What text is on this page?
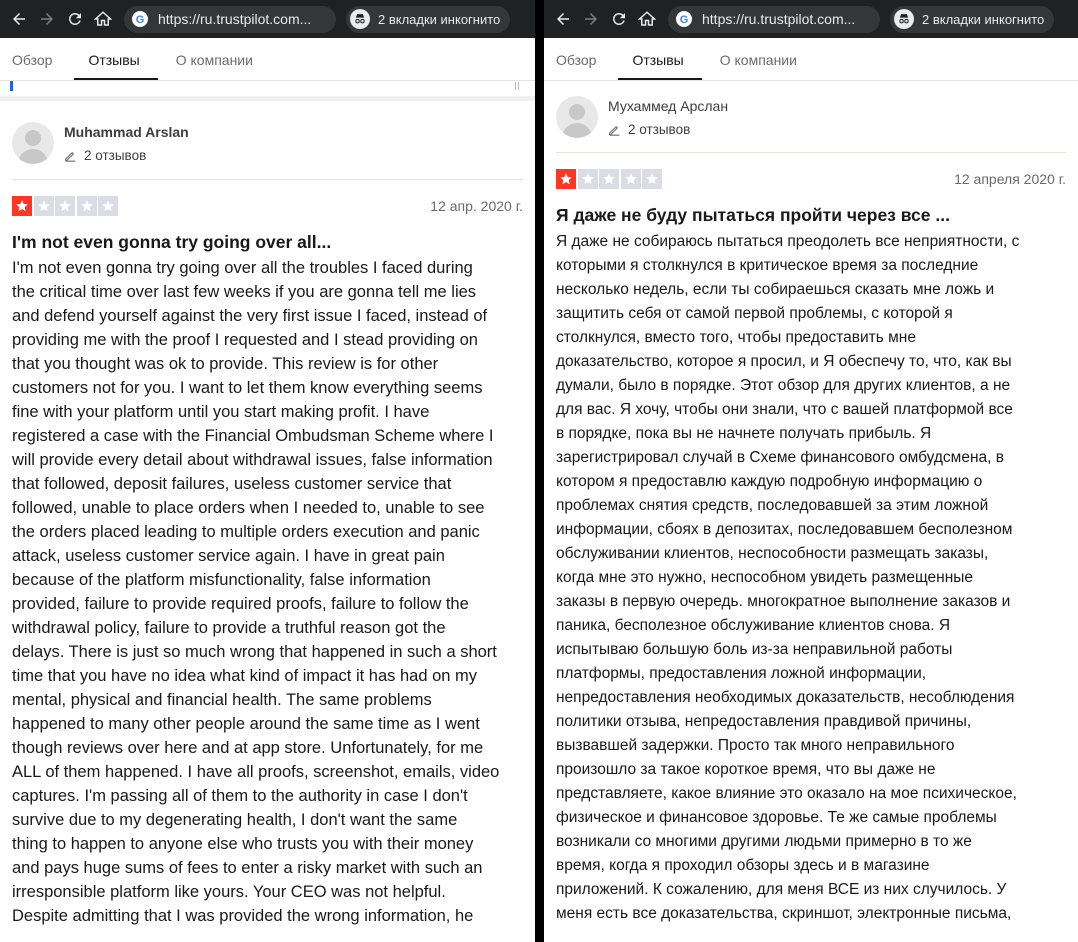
G https://ru.trustpilot.com...	2 вкладки инкогнито
Обзор	Отзывы	О компании
Muhammad Arslan
2 отзывов
12 апр. 2020 г.
I'm not even gonna try going over all...
I'm not even gonna try going over all the troubles I faced during
the critical time over last few weeks if you are gonna tell me lies
and defend yourself against the very first issue I faced, instead of
providing me with the proof I requested and I stead providing on
that you thought was ok to provide. This review is for other
customers not for you. I want to let them know everything seems
fine with your platform until you start making profit. I have
registered a case with the Financial Ombudsman Scheme where I
will provide every detail about withdrawal issues, false information
that followed, deposit failures, useless customer service that
followed, unable to place orders when I needed to, unable to see
the orders placed leading to multiple orders execution and panic
attack, useless customer service again. I have in great pain
because of the platform misfunctionality, false information
provided, failure to provide required proofs, failure to follow the
withdrawal policy, failure to provide a truthful reason got the
delays. There is just so much wrong that happened in such a short
time that you have no idea what kind of impact it has had on my
mental, physical and financial health. The same problems
happened to many other people around the same time as I went
though reviews over here and at app store. Unfortunately, for me
ALL of them happened. I have all proofs, screenshot, emails, video
captures. I'm passing all of them to the authority in case I don't
survive due to my degenerating health, I don't want the same
thing to happen to anyone else who trusts you with their money
and pays huge sums of fees to enter a risky market with such an
irresponsible platform like yours. Your CEO was not helpful.
Despite admitting that I was provided the wrong information, he
G https://ru.trustpilot.com...	2 вкладки инкогнито
Обзор	Отзывы	О компании
Мухаммед Арслан
2 отзывов
12 апреля 2020 г.
Я даже не буду пытаться пройти через все ...
Я даже не собираюсь пытаться преодолеть все неприятности, с
которыми я столкнулся в критическое время за последние
несколько недель, если ты собираешься сказать мне ложь и
защитить себя от самой первой проблемы, с которой я
столкнулся, вместо того, чтобы предоставить мне
доказательство, которое я просил, и Я обеспечу то, что, как вы
думали, было в порядке. Этот обзор для других клиентов, а не
для вас. Я хочу, чтобы они знали, что с вашей платформой все
в порядке, пока вы не начнете получать прибыль. Я
зарегистрировал случай в Схеме финансового омбудсмена, в
котором я предоставлю каждую подробную информацию о
проблемах снятия средств, последовавшей за этим ложной
информации, сбоях в депозитах, последовавшем бесполезном
обслуживании клиентов, неспособности размещать заказы,
когда мне это нужно, неспособном увидеть размещенные
заказы в первую очередь. многократное выполнение заказов и
паника, бесполезное обслуживание клиентов снова. Я
испытываю большую боль из-за неправильной работы
платформы, предоставления ложной информации,
непредоставления необходимых доказательств, несоблюдения
политики отзыва, непредоставления правдивой причины,
вызвавшей задержки. Просто так много неправильного
произошло за такое короткое время, что вы даже не
представляете, какое влияние это оказало на мое психическое,
физическое и финансовое здоровье. Те же самые проблемы
возникали со многими другими людьми примерно в то же
время, когда я проходил обзоры здесь и в магазине
приложений. К сожалению, для меня ВСЕ из них случилось. У
меня есть все доказательства, скриншот, электронные письма,
